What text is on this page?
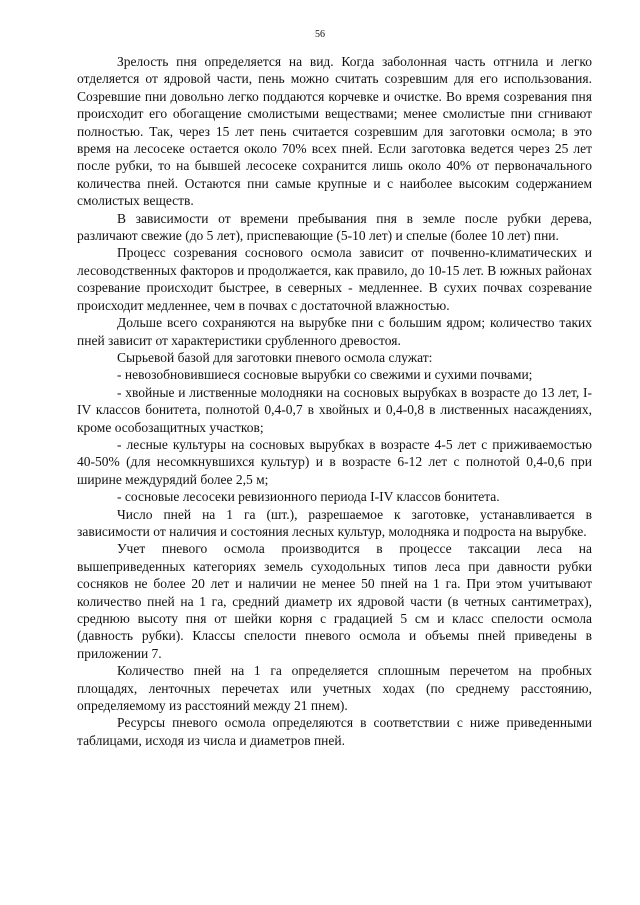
56

Зрелость пня определяется на вид. Когда заболонная часть отгнила и легко отделяется от ядровой части, пень можно считать созревшим для его использования. Созревшие пни довольно легко поддаются корчевке и очистке. Во время созревания пня происходит его обогащение смолистыми веществами; менее смолистые пни сгнивают полностью. Так, через 15 лет пень считается созревшим для заготовки осмола; в это время на лесосеке остается около 70% всех пней. Если заготовка ведется через 25 лет после рубки, то на бывшей лесосеке сохранится лишь около 40% от первоначального количества пней. Остаются пни самые крупные и с наиболее высоким содержанием смолистых веществ.

В зависимости от времени пребывания пня в земле после рубки дерева, различают свежие (до 5 лет), приспевающие (5-10 лет) и спелые (более 10 лет) пни.

Процесс созревания соснового осмола зависит от почвенно-климатических и лесоводственных факторов и продолжается, как правило, до 10-15 лет. В южных районах созревание происходит быстрее, в северных - медленнее. В сухих почвах созревание происходит медленнее, чем в почвах с достаточной влажностью.

Дольше всего сохраняются на вырубке пни с большим ядром; количество таких пней зависит от характеристики срубленного древостоя.

Сырьевой базой для заготовки пневого осмола служат:

- невозобновившиеся сосновые вырубки со свежими и сухими почвами;

- хвойные и лиственные молодняки на сосновых вырубках в возрасте до 13 лет, I-IV классов бонитета, полнотой 0,4-0,7 в хвойных и 0,4-0,8 в лиственных насаждениях, кроме особозащитных участков;

- лесные культуры на сосновых вырубках в возрасте 4-5 лет с приживаемостью 40-50% (для несомкнувшихся культур) и в возрасте 6-12 лет с полнотой 0,4-0,6 при ширине междурядий более 2,5 м;

- сосновые лесосеки ревизионного периода I-IV классов бонитета.

Число пней на 1 га (шт.), разрешаемое к заготовке, устанавливается в зависимости от наличия и состояния лесных культур, молодняка и подроста на вырубке.

Учет пневого осмола производится в процессе таксации леса на вышеприведенных категориях земель суходольных типов леса при давности рубки сосняков не более 20 лет и наличии не менее 50 пней на 1 га. При этом учитывают количество пней на 1 га, средний диаметр их ядровой части (в четных сантиметрах), среднюю высоту пня от шейки корня с градацией 5 см и класс спелости осмола (давность рубки). Классы спелости пневого осмола и объемы пней приведены в приложении 7.

Количество пней на 1 га определяется сплошным перечетом на пробных площадях, ленточных перечетах или учетных ходах (по среднему расстоянию, определяемому из расстояний между 21 пнем).

Ресурсы пневого осмола определяются в соответствии с ниже приведенными таблицами, исходя из числа и диаметров пней.
